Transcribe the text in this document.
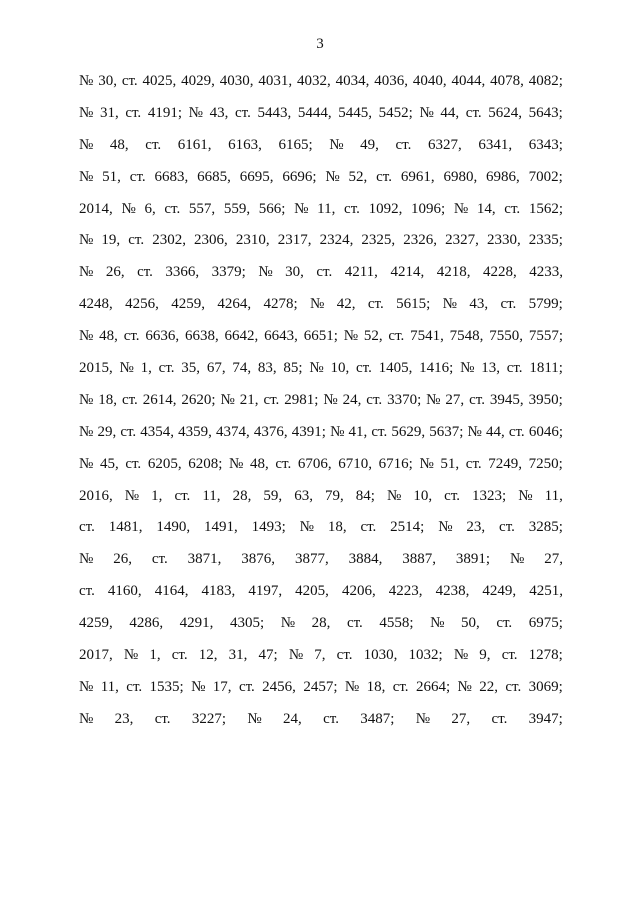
3
№ 30, ст. 4025, 4029, 4030, 4031, 4032, 4034, 4036, 4040, 4044, 4078, 4082;
№ 31, ст. 4191; № 43, ст. 5443, 5444, 5445, 5452; № 44, ст. 5624, 5643;
№ 48, ст. 6161, 6163, 6165; № 49, ст. 6327, 6341, 6343;
№ 51, ст. 6683, 6685, 6695, 6696; № 52, ст. 6961, 6980, 6986, 7002;
2014, № 6, ст. 557, 559, 566; № 11, ст. 1092, 1096; № 14, ст. 1562;
№ 19, ст. 2302, 2306, 2310, 2317, 2324, 2325, 2326, 2327, 2330, 2335;
№ 26, ст. 3366, 3379; № 30, ст. 4211, 4214, 4218, 4228, 4233,
4248, 4256, 4259, 4264, 4278; № 42, ст. 5615; № 43, ст. 5799;
№ 48, ст. 6636, 6638, 6642, 6643, 6651; № 52, ст. 7541, 7548, 7550, 7557;
2015, № 1, ст. 35, 67, 74, 83, 85; № 10, ст. 1405, 1416; № 13, ст. 1811;
№ 18, ст. 2614, 2620; № 21, ст. 2981; № 24, ст. 3370; № 27, ст. 3945, 3950;
№ 29, ст. 4354, 4359, 4374, 4376, 4391; № 41, ст. 5629, 5637; № 44, ст. 6046;
№ 45, ст. 6205, 6208; № 48, ст. 6706, 6710, 6716; № 51, ст. 7249, 7250;
2016, № 1, ст. 11, 28, 59, 63, 79, 84; № 10, ст. 1323; № 11,
ст. 1481, 1490, 1491, 1493; № 18, ст. 2514; № 23, ст. 3285;
№ 26, ст. 3871, 3876, 3877, 3884, 3887, 3891; № 27,
ст. 4160, 4164, 4183, 4197, 4205, 4206, 4223, 4238, 4249, 4251,
4259, 4286, 4291, 4305; № 28, ст. 4558; № 50, ст. 6975;
2017, № 1, ст. 12, 31, 47; № 7, ст. 1030, 1032; № 9, ст. 1278;
№ 11, ст. 1535; № 17, ст. 2456, 2457; № 18, ст. 2664; № 22, ст. 3069;
№ 23, ст. 3227; № 24, ст. 3487; № 27, ст. 3947;
